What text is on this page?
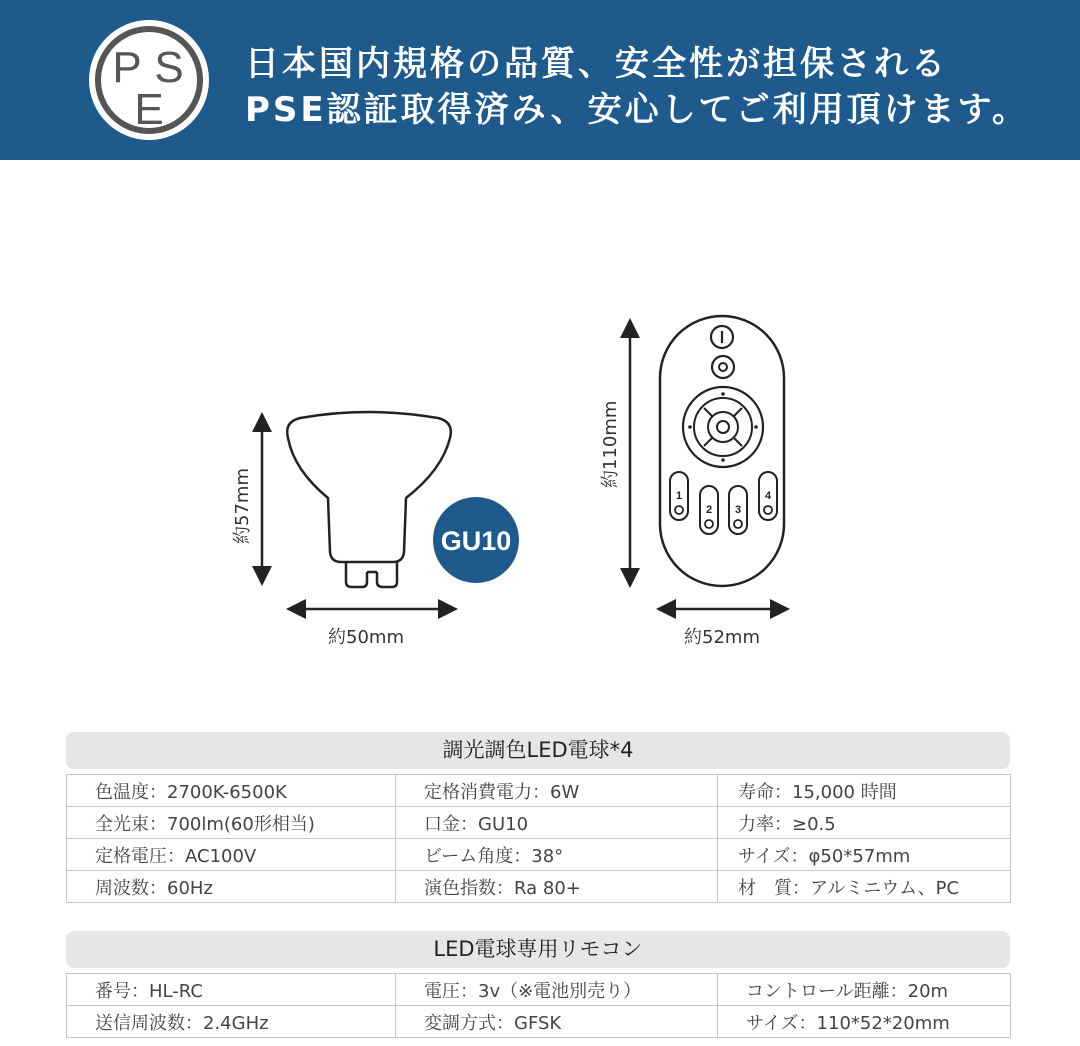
P S
E
日本国内規格の品質、安全性が担保される
PSE認証取得済み、安心してご利用頂けます。
GU10
1
2 3
4
約57mm
約50mm
約110mm
約52mm
調光調色LED電球*4
色温度：2700K-6500K	定格消費電力：6W	寿命：15,000 時間
全光束：700lm(60形相当)	口金：GU10	力率：≥0.5
定格電圧：AC100V	ビーム角度：38°	サイズ：φ50*57mm
周波数：60Hz	演色指数：Ra 80+	材　質：アルミニウム、PC
LED電球専用リモコン
番号：HL-RC	電圧：3v（※電池別売り）	コントロール距離：20m
送信周波数：2.4GHz	変調方式：GFSK	サイズ：110*52*20mm
